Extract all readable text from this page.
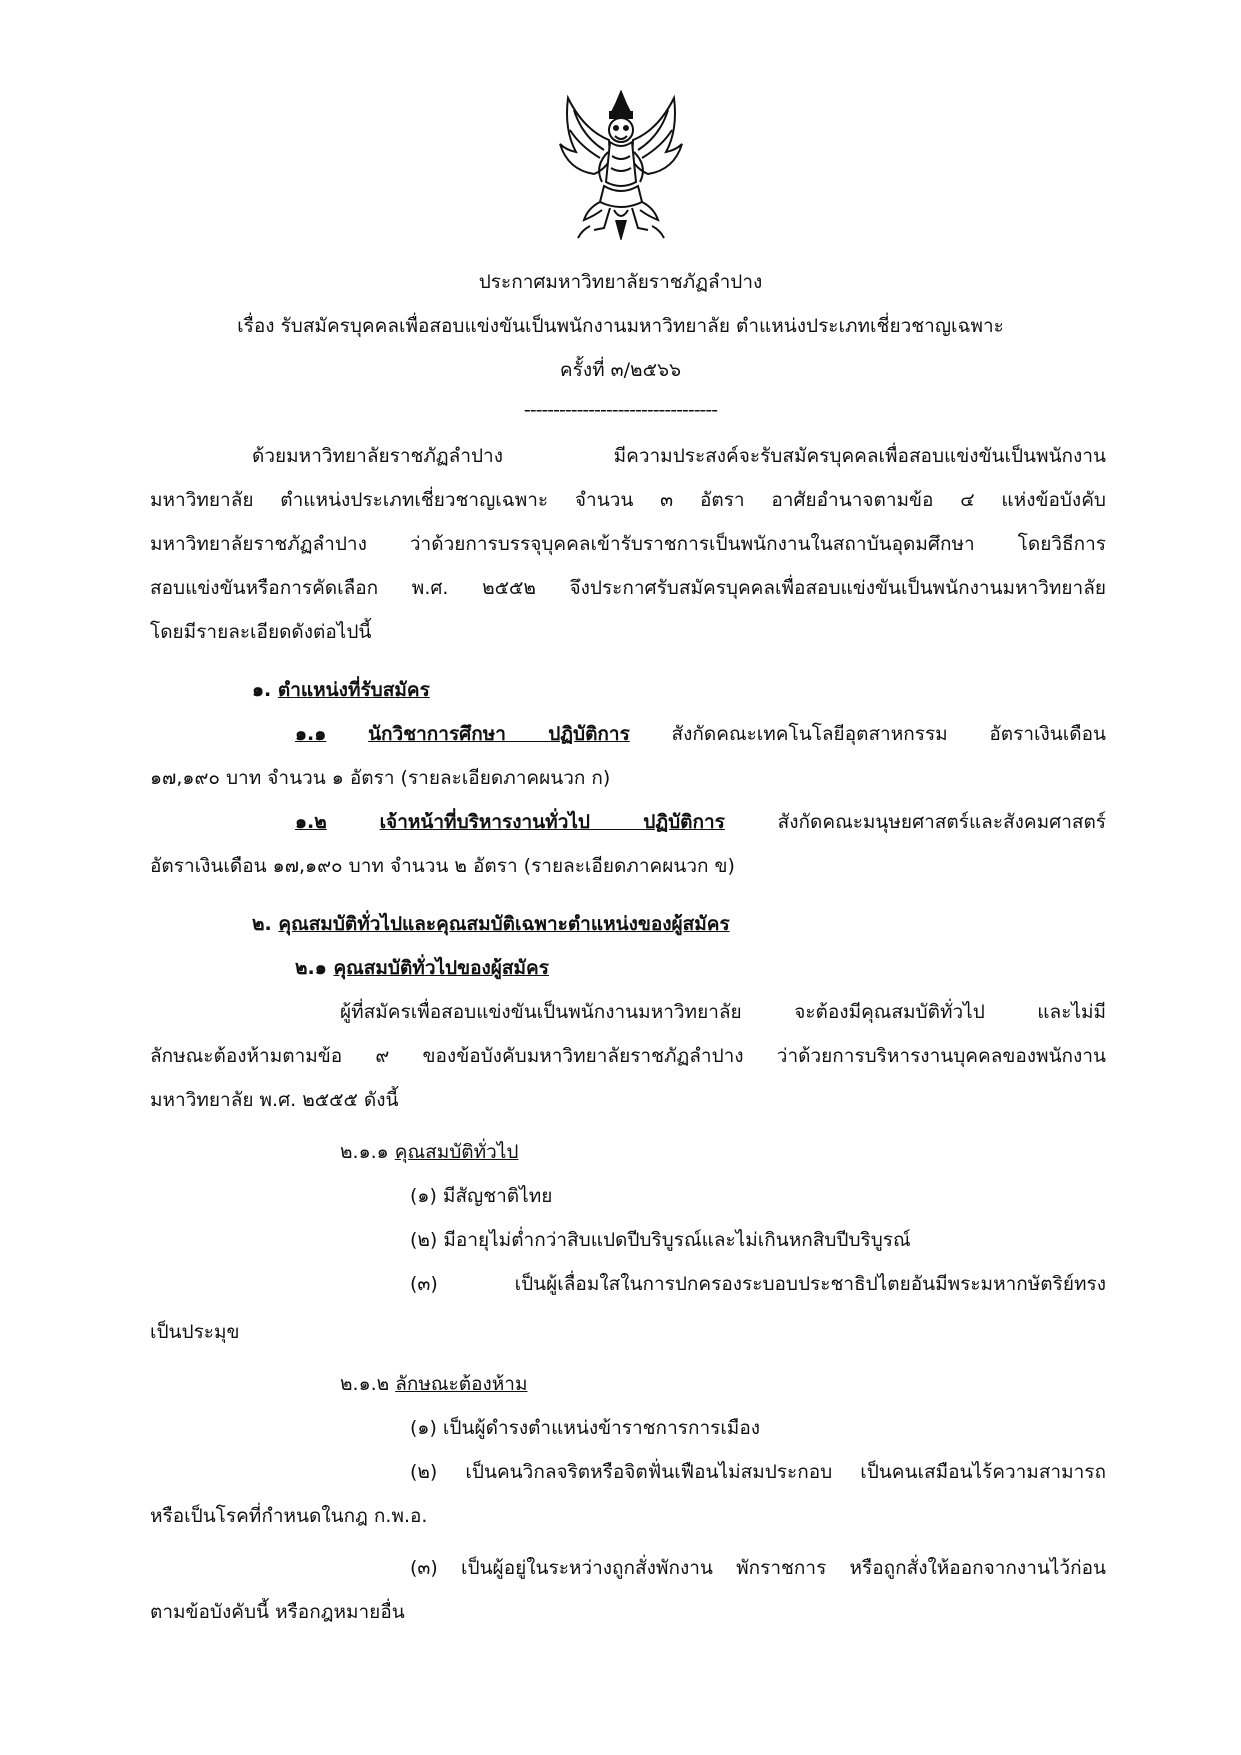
ประกาศมหาวิทยาลัยราชภัฏลำปาง
เรื่อง รับสมัครบุคคลเพื่อสอบแข่งขันเป็นพนักงานมหาวิทยาลัย ตำแหน่งประเภทเชี่ยวชาญเฉพาะ
ครั้งที่ ๓/๒๕๖๖
---------------------------------
ด้วยมหาวิทยาลัยราชภัฏลำปาง มีความประสงค์จะรับสมัครบุคคลเพื่อสอบแข่งขันเป็นพนักงาน
มหาวิทยาลัย ตำแหน่งประเภทเชี่ยวชาญเฉพาะ จำนวน ๓ อัตรา อาศัยอำนาจตามข้อ ๔ แห่งข้อบังคับ
มหาวิทยาลัยราชภัฏลำปาง ว่าด้วยการบรรจุบุคคลเข้ารับราชการเป็นพนักงานในสถาบันอุดมศึกษา โดยวิธีการ
สอบแข่งขันหรือการคัดเลือก พ.ศ. ๒๕๕๒ จึงประกาศรับสมัครบุคคลเพื่อสอบแข่งขันเป็นพนักงานมหาวิทยาลัย
โดยมีรายละเอียดดังต่อไปนี้
๑. ตำแหน่งที่รับสมัคร
๑.๑ นักวิชาการศึกษา ปฏิบัติการ สังกัดคณะเทคโนโลยีอุตสาหกรรม อัตราเงินเดือน
๑๗,๑๙๐ บาท จำนวน ๑ อัตรา (รายละเอียดภาคผนวก ก)
๑.๒	เจ้าหน้าที่บริหารงานทั่วไป ปฏิบัติการ	สังกัดคณะมนุษยศาสตร์และสังคมศาสตร์
อัตราเงินเดือน ๑๗,๑๙๐ บาท จำนวน ๒ อัตรา (รายละเอียดภาคผนวก ข)
๒. คุณสมบัติทั่วไปและคุณสมบัติเฉพาะตำแหน่งของผู้สมัคร
๒.๑ คุณสมบัติทั่วไปของผู้สมัคร
ผู้ที่สมัครเพื่อสอบแข่งขันเป็นพนักงานมหาวิทยาลัย จะต้องมีคุณสมบัติทั่วไป และไม่มี
ลักษณะต้องห้ามตามข้อ ๙ ของข้อบังคับมหาวิทยาลัยราชภัฏลำปาง ว่าด้วยการบริหารงานบุคคลของพนักงาน
มหาวิทยาลัย พ.ศ. ๒๕๕๕ ดังนี้
๒.๑.๑ คุณสมบัติทั่วไป
(๑) มีสัญชาติไทย
(๒) มีอายุไม่ต่ำกว่าสิบแปดปีบริบูรณ์และไม่เกินหกสิบปีบริบูรณ์
(๓) เป็นผู้เลื่อมใสในการปกครองระบอบประชาธิปไตยอันมีพระมหากษัตริย์ทรง
เป็นประมุข
๒.๑.๒ ลักษณะต้องห้าม
(๑) เป็นผู้ดำรงตำแหน่งข้าราชการการเมือง
(๒) เป็นคนวิกลจริตหรือจิตฟั่นเฟือนไม่สมประกอบ เป็นคนเสมือนไร้ความสามารถ
หรือเป็นโรคที่กำหนดในกฎ ก.พ.อ.
(๓) เป็นผู้อยู่ในระหว่างถูกสั่งพักงาน พักราชการ หรือถูกสั่งให้ออกจากงานไว้ก่อน
ตามข้อบังคับนี้ หรือกฎหมายอื่น
